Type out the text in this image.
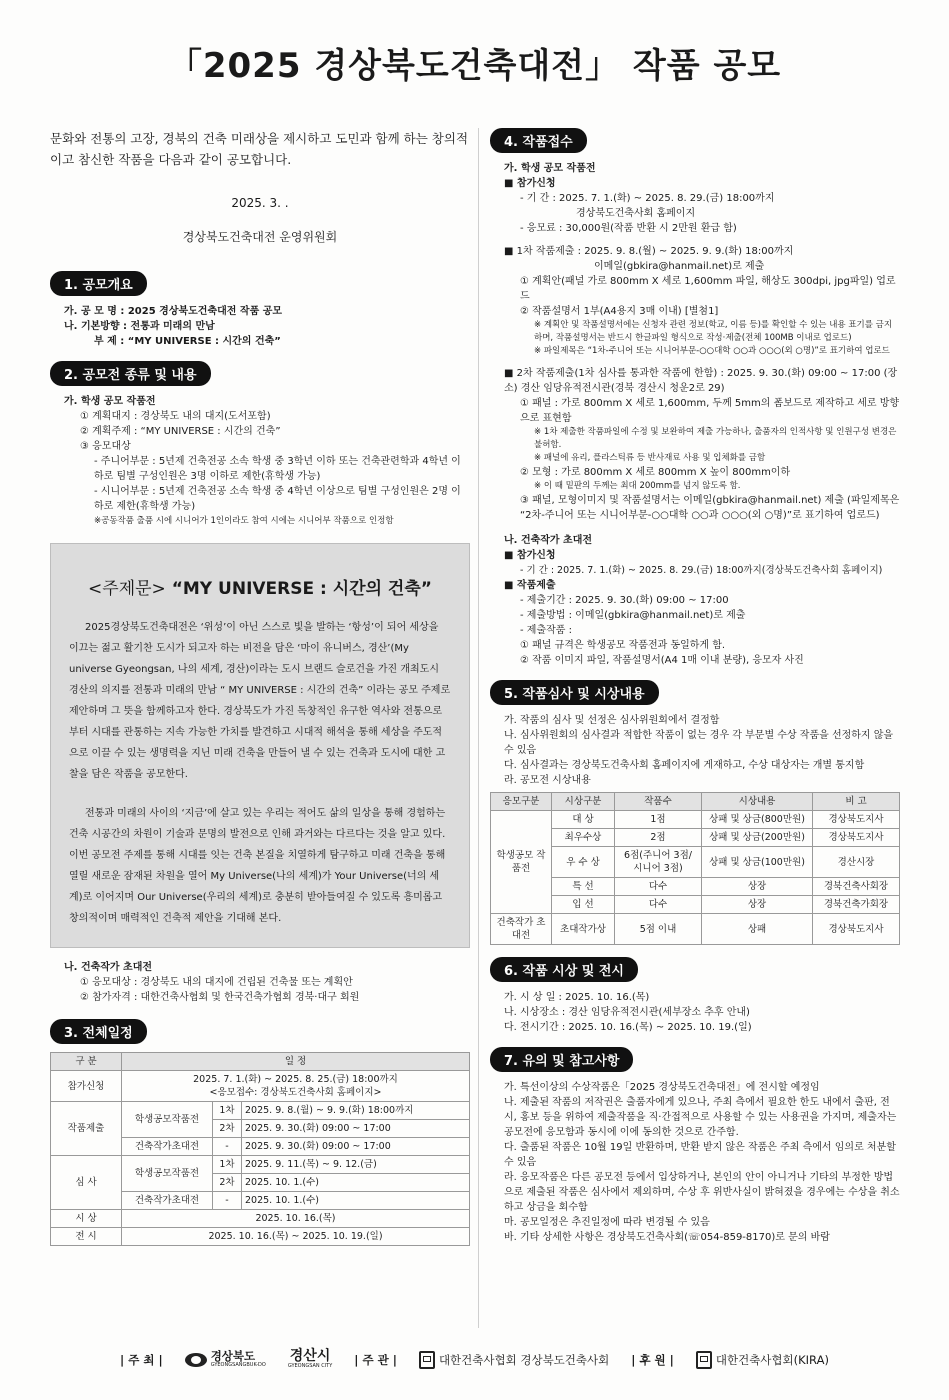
「2025 경상북도건축대전」 작품 공모

문화와 전통의 고장, 경북의 건축 미래상을 제시하고 도민과 함께 하는 창의적이고 참신한 작품을 다음과 같이 공모합니다.

2025. 3. .
경상북도건축대전 운영위원회
1. 공모개요
가. 공 모 명 : 2025 경상북도건축대전 작품 공모
나. 기본방향 : 전통과 미래의 만남
부 제 : “MY UNIVERSE : 시간의 건축”
2. 공모전 종류 및 내용
가. 학생 공모 작품전
① 계획대지 : 경상북도 내의 대지(도서포함)
② 계획주제 : “MY UNIVERSE : 시간의 건축”
③ 응모대상
- 주니어부문 : 5년제 건축전공 소속 학생 중 3학년 이하 또는 건축관련학과 4학년 이하로 팀별 구성인원은 3명 이하로 제한(휴학생 가능)
- 시니어부문 : 5년제 건축전공 소속 학생 중 4학년 이상으로 팀별 구성인원은 2명 이하로 제한(휴학생 가능)
※공동작품 출품 시에 시니어가 1인이라도 참여 시에는 시니어부 작품으로 인정함
<주제문> “MY UNIVERSE : 시간의 건축”

2025경상북도건축대전은 ‘위성’이 아닌 스스로 빛을 발하는 ‘항성’이 되어 세상을 이끄는 젊고 활기찬 도시가 되고자 하는 비전을 담은 ‘마이 유니버스, 경산’(My universe Gyeongsan, 나의 세계, 경산)이라는 도시 브랜드 슬로건을 가진 개최도시 경산의 의지를 전통과 미래의 만남 “ MY UNIVERSE : 시간의 건축” 이라는 공모 주제로 제안하며 그 뜻을 함께하고자 한다. 경상북도가 가진 독창적인 유구한 역사와 전통으로부터 시대를 관통하는 지속 가능한 가치를 발견하고 시대적 해석을 통해 세상을 주도적으로 이끌 수 있는 생명력을 지닌 미래 건축을 만들어 낼 수 있는 건축과 도시에 대한 고찰을 담은 작품을 공모한다.

전통과 미래의 사이의 ‘지금’에 살고 있는 우리는 적어도 삶의 일상을 통해 경험하는 건축 시공간의 차원이 기술과 문명의 발전으로 인해 과거와는 다르다는 것을 알고 있다. 이번 공모전 주제를 통해 시대를 잇는 건축 본질을 치열하게 탐구하고 미래 건축을 통해 열릴 새로운 잠재된 차원을 열어 My Universe(나의 세계)가 Your Universe(너의 세계)로 이어지며 Our Universe(우리의 세계)로 충분히 받아들여질 수 있도록 흥미롭고 창의적이며 매력적인 건축적 제안을 기대해 본다.

나. 건축작가 초대전
① 응모대상 : 경상북도 내의 대지에 건립된 건축물 또는 계획안
② 참가자격 : 대한건축사협회 및 한국건축가협회 경북·대구 회원
3. 전체일정
구 분	일 정		
참가신청	2025. 7. 1.(화) ~ 2025. 8. 25.(금) 18:00까지
<응모접수: 경상북도건축사회 홈페이지>		

작품제출	학생공모작품전	1차	2025. 9. 8.(월) ~ 9. 9.(화) 18:00까지
		2차	2025. 9. 30.(화) 09:00 ~ 17:00
	건축작가초대전	-	2025. 9. 30.(화) 09:00 ~ 17:00
심 사	학생공모작품전	1차	2025. 9. 11.(목) ~ 9. 12.(금)
		2차	2025. 10. 1.(수)
	건축작가초대전	-	2025. 10. 1.(수)
시 상	2025. 10. 16.(목)		
전 시	2025. 10. 16.(목) ~ 2025. 10. 19.(일)		
4. 작품접수
가. 학생 공모 작품전
■ 참가신청
- 기 간 : 2025. 7. 1.(화) ~ 2025. 8. 29.(금) 18:00까지
경상북도건축사회 홈페이지
- 응모료 : 30,000원(작품 반환 시 2만원 환급 함)
■ 1차 작품제출 : 2025. 9. 8.(월) ~ 2025. 9. 9.(화) 18:00까지
이메일(gbkira@hanmail.net)로 제출
① 계획안(패널 가로 800mm X 세로 1,600mm 파일, 해상도 300dpi, jpg파일) 업로드
② 작품설명서 1부(A4용지 3매 이내) [별첨1]
※ 계획안 및 작품설명서에는 신청자 관련 정보(학교, 이름 등)를 확인할 수 있는 내용 표기를 금지하며, 작품설명서는 반드시 한글파일 형식으로 작성·제출(전체 100MB 이내로 업로드)
※ 파일제목은 “1차-주니어 또는 시니어부문-○○대학 ○○과 ○○○(외 ○명)”로 표기하여 업로드
■ 2차 작품제출(1차 심사를 통과한 작품에 한함) : 2025. 9. 30.(화) 09:00 ~ 17:00 (장소) 경산 임당유적전시관(경북 경산시 청운2로 29)
① 패널 : 가로 800mm X 세로 1,600mm, 두께 5mm의 폼보드로 제작하고 세로 방향으로 표현함
※ 1차 제출한 작품파일에 수정 및 보완하여 제출 가능하나, 출품자의 인적사항 및 인원구성 변경은 불허함.
※ 패널에 유리, 플라스틱류 등 반사재료 사용 및 입체화를 금함
② 모형 : 가로 800mm X 세로 800mm X 높이 800mm이하
※ 이 때 밑판의 두께는 최대 200mm를 넘지 않도록 함.
③ 패널, 모형이미지 및 작품설명서는 이메일(gbkira@hanmail.net) 제출 (파일제목은 “2차-주니어 또는 시니어부문-○○대학 ○○과 ○○○(외 ○명)”로 표기하여 업로드)
나. 건축작가 초대전
■ 참가신청
- 기 간 : 2025. 7. 1.(화) ~ 2025. 8. 29.(금) 18:00까지(경상북도건축사회 홈페이지)
■ 작품제출
- 제출기간 : 2025. 9. 30.(화) 09:00 ~ 17:00
- 제출방법 : 이메일(gbkira@hanmail.net)로 제출
- 제출작품 :
① 패널 규격은 학생공모 작품전과 동일하게 함.
② 작품 이미지 파일, 작품설명서(A4 1매 이내 분량), 응모자 사진
5. 작품심사 및 시상내용
가. 작품의 심사 및 선정은 심사위원회에서 결정함
나. 심사위원회의 심사결과 적합한 작품이 없는 경우 각 부문별 수상 작품을 선정하지 않을 수 있음
다. 심사결과는 경상북도건축사회 홈페이지에 게재하고, 수상 대상자는 개별 통지함
라. 공모전 시상내용
응모구분	시상구분	작품수	시상내용	비 고
학생공모 작품전	대 상	1점	상패 및 상금(800만원)	경상북도지사
	최우수상	2점	상패 및 상금(200만원)	경상북도지사
	우 수 상	6점(주니어 3점/ 시니어 3점)	상패 및 상금(100만원)	경산시장
	특 선	다수	상장	경북건축사회장
	입 선	다수	상장	경북건축가회장
건축작가 초대전	초대작가상	5점 이내	상패	경상북도지사
6. 작품 시상 및 전시
가. 시 상 일 : 2025. 10. 16.(목)
나. 시상장소 : 경산 임당유적전시관(세부장소 추후 안내)
다. 전시기간 : 2025. 10. 16.(목) ~ 2025. 10. 19.(일)
7. 유의 및 참고사항
가. 특선이상의 수상작품은「2025 경상북도건축대전」에 전시할 예정임
나. 제출된 작품의 저작권은 출품자에게 있으나, 주최 측에서 필요한 한도 내에서 출판, 전시, 홍보 등을 위하여 제출작품을 직·간접적으로 사용할 수 있는 사용권을 가지며, 제출자는 공모전에 응모함과 동시에 이에 동의한 것으로 간주함.
다. 출품된 작품은 10월 19일 반환하며, 반환 받지 않은 작품은 주최 측에서 임의로 처분할 수 있음
라. 응모작품은 다른 공모전 등에서 입상하거나, 본인의 안이 아니거나 기타의 부정한 방법으로 제출된 작품은 심사에서 제외하며, 수상 후 위반사실이 밝혀졌을 경우에는 수상을 취소하고 상금을 회수함
마. 공모일정은 추진일정에 따라 변경될 수 있음
바. 기타 상세한 사항은 경상북도건축사회(☏054-859-8170)로 문의 바람
| 주 최 |	경상북도
GYEONGSANGBUK-DO
경산시
GYEONGSAN CITY | 주 관 |	대한건축사협회 경상북도건축사회 | 후 원 |	대한건축사협회(KIRA)
